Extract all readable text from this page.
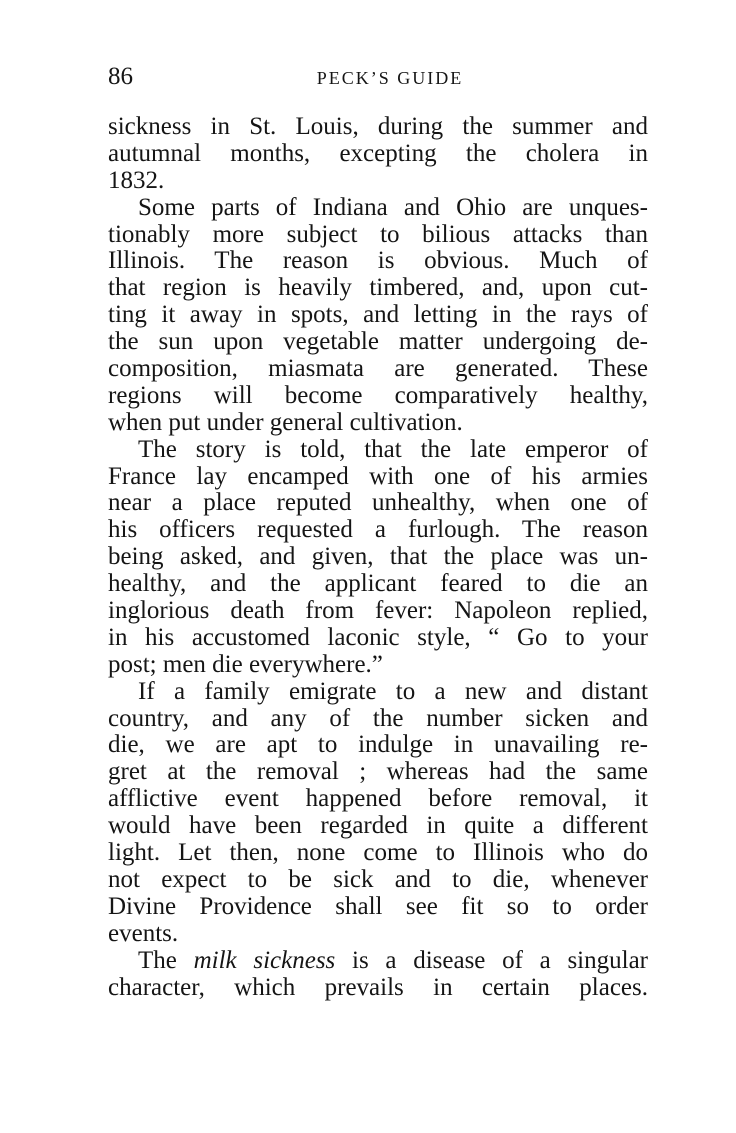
86	PECK’S GUIDE
sickness in St. Louis, during the summer and
autumnal months, excepting the cholera in
1832.
Some parts of Indiana and Ohio are unques-
tionably more subject to bilious attacks than
Illinois. The reason is obvious. Much of
that region is heavily timbered, and, upon cut-
ting it away in spots, and letting in the rays of
the sun upon vegetable matter undergoing de-
composition, miasmata are generated. These
regions will become comparatively healthy,
when put under general cultivation.
The story is told, that the late emperor of
France lay encamped with one of his armies
near a place reputed unhealthy, when one of
his officers requested a furlough. The reason
being asked, and given, that the place was un-
healthy, and the applicant feared to die an
inglorious death from fever: Napoleon replied,
in his accustomed laconic style, “ Go to your
post; men die everywhere.”
If a family emigrate to a new and distant
country, and any of the number sicken and
die, we are apt to indulge in unavailing re-
gret at the removal ; whereas had the same
afflictive event happened before removal, it
would have been regarded in quite a different
light. Let then, none come to Illinois who do
not expect to be sick and to die, whenever
Divine Providence shall see fit so to order
events.
The milk sickness is a disease of a singular
character, which prevails in certain places.
